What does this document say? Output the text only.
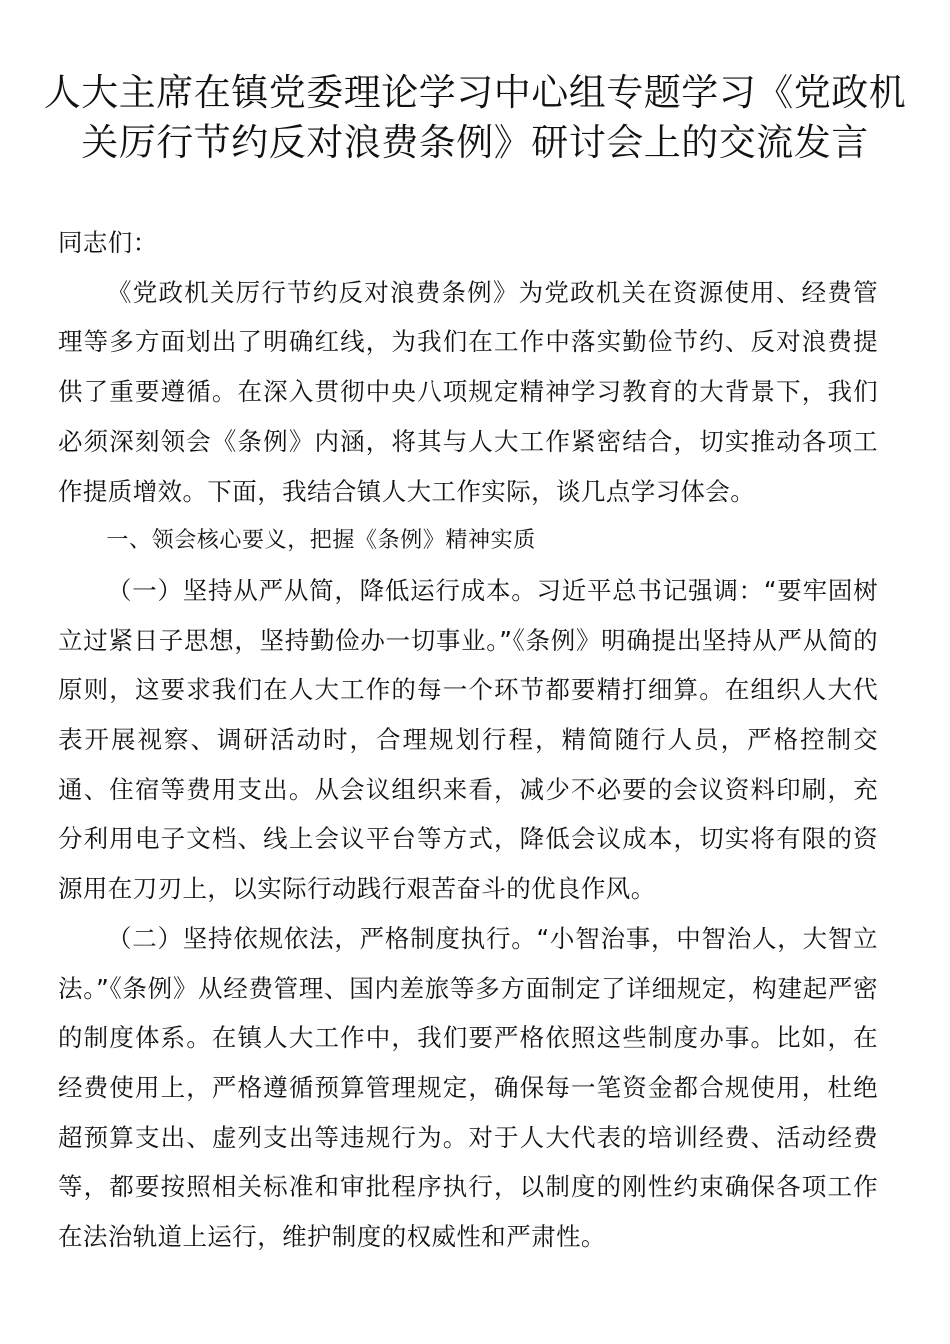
人大主席在镇党委理论学习中心组专题学习《党政机关厉行节约反对浪费条例》研讨会上的交流发言

同志们：

《党政机关厉行节约反对浪费条例》为党政机关在资源使用、经费管理等多方面划出了明确红线，为我们在工作中落实勤俭节约、反对浪费提供了重要遵循。在深入贯彻中央八项规定精神学习教育的大背景下，我们必须深刻领会《条例》内涵，将其与人大工作紧密结合，切实推动各项工作提质增效。下面，我结合镇人大工作实际，谈几点学习体会。

一、领会核心要义，把握《条例》精神实质

（一）坚持从严从简，降低运行成本。习近平总书记强调：“要牢固树立过紧日子思想，坚持勤俭办一切事业。”《条例》明确提出坚持从严从简的原则，这要求我们在人大工作的每一个环节都要精打细算。在组织人大代表开展视察、调研活动时，合理规划行程，精简随行人员，严格控制交通、住宿等费用支出。从会议组织来看，减少不必要的会议资料印刷，充分利用电子文档、线上会议平台等方式，降低会议成本，切实将有限的资源用在刀刃上，以实际行动践行艰苦奋斗的优良作风。

（二）坚持依规依法，严格制度执行。“小智治事，中智治人，大智立法。”《条例》从经费管理、国内差旅等多方面制定了详细规定，构建起严密的制度体系。在镇人大工作中，我们要严格依照这些制度办事。比如，在经费使用上，严格遵循预算管理规定，确保每一笔资金都合规使用，杜绝超预算支出、虚列支出等违规行为。对于人大代表的培训经费、活动经费等，都要按照相关标准和审批程序执行，以制度的刚性约束确保各项工作在法治轨道上运行，维护制度的权威性和严肃性。
